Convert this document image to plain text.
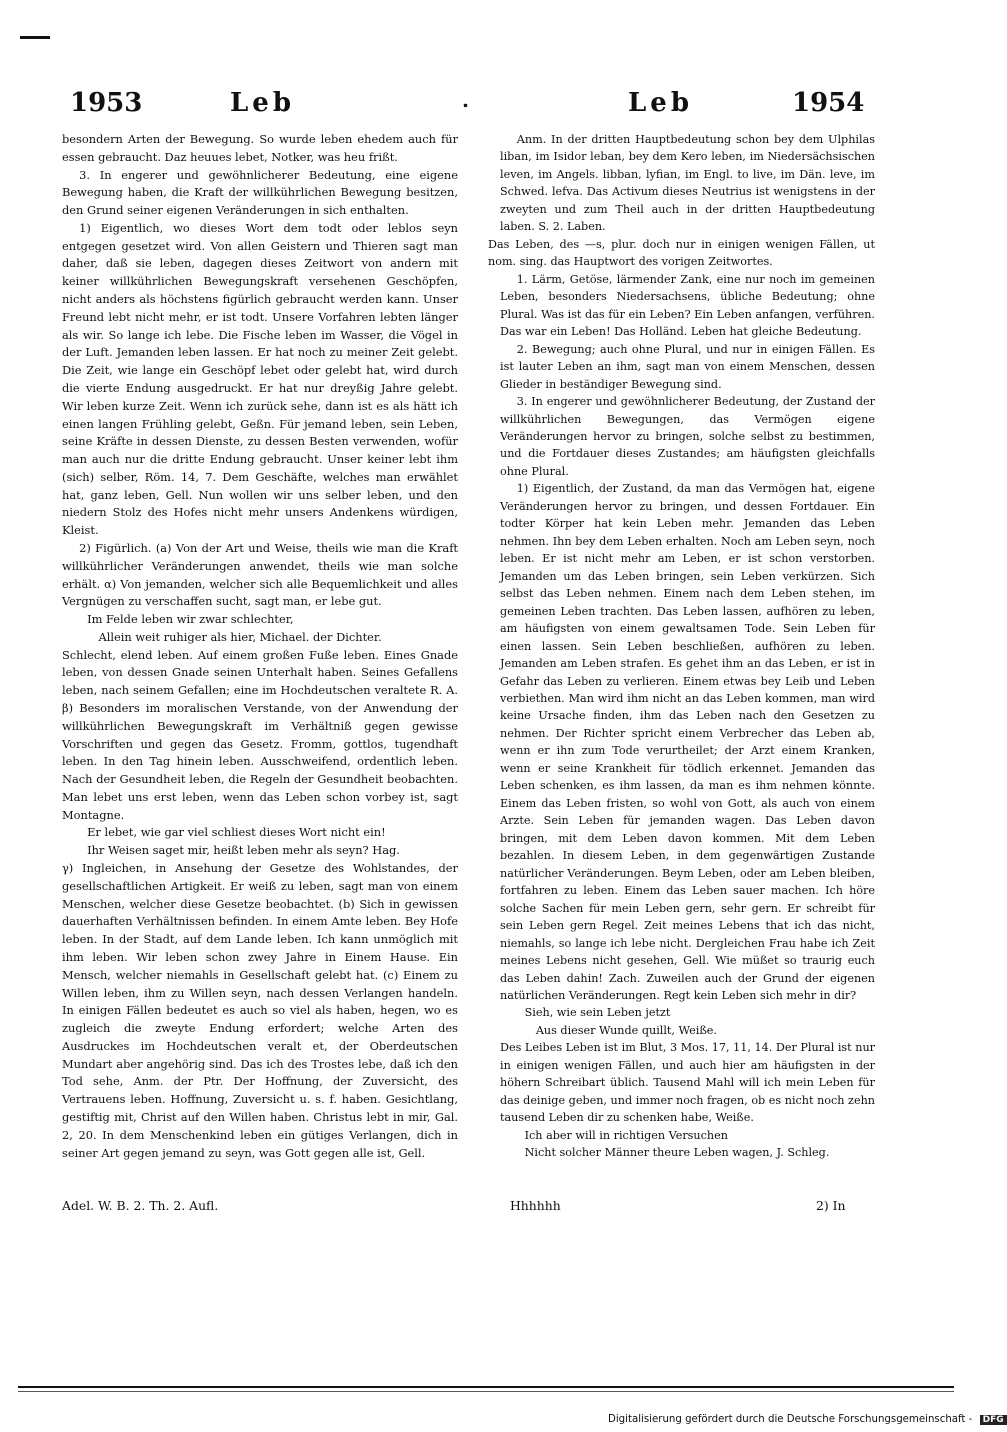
1953	Leb	.	Leb	1954

besondern Arten der Bewegung. So wurde leben ehedem auch für essen gebraucht. Daz heuues lebet, Notker, was heu frißt.

3. In engerer und gewöhnlicherer Bedeutung, eine eigene Bewegung haben, die Kraft der willkührlichen Bewegung besitzen, den Grund seiner eigenen Veränderungen in sich enthalten.

1) Eigentlich, wo dieses Wort dem todt oder leblos seyn entgegen gesetzet wird. Von allen Geistern und Thieren sagt man daher, daß sie leben, dagegen dieses Zeitwort von andern mit keiner willkührlichen Bewegungskraft versehenen Geschöpfen, nicht anders als höchstens figürlich gebraucht werden kann. Unser Freund lebt nicht mehr, er ist todt. Unsere Vorfahren lebten länger als wir. So lange ich lebe. Die Fische leben im Wasser, die Vögel in der Luft. Jemanden leben lassen. Er hat noch zu meiner Zeit gelebt. Die Zeit, wie lange ein Geschöpf lebet oder gelebt hat, wird durch die vierte Endung ausgedruckt. Er hat nur dreyßig Jahre gelebt. Wir leben kurze Zeit. Wenn ich zurück sehe, dann ist es als hätt ich einen langen Frühling gelebt, Geßn. Für jemand leben, sein Leben, seine Kräfte in dessen Dienste, zu dessen Besten verwenden, wofür man auch nur die dritte Endung gebraucht. Unser keiner lebt ihm (sich) selber, Röm. 14, 7. Dem Geschäfte, welches man erwählet hat, ganz leben, Gell. Nun wollen wir uns selber leben, und den niedern Stolz des Hofes nicht mehr unsers Andenkens würdigen, Kleist.

2) Figürlich. (a) Von der Art und Weise, theils wie man die Kraft willkührlicher Veränderungen anwendet, theils wie man solche erhält. α) Von jemanden, welcher sich alle Bequemlichkeit und alles Vergnügen zu verschaffen sucht, sagt man, er lebe gut.

Im Felde leben wir zwar schlechter,

Allein weit ruhiger als hier, Michael. der Dichter.

Schlecht, elend leben. Auf einem großen Fuße leben. Eines Gnade leben, von dessen Gnade seinen Unterhalt haben. Seines Gefallens leben, nach seinem Gefallen; eine im Hochdeutschen veraltete R. A. β) Besonders im moralischen Verstande, von der Anwendung der willkührlichen Bewegungskraft im Verhältniß gegen gewisse Vorschriften und gegen das Gesetz. Fromm, gottlos, tugendhaft leben. In den Tag hinein leben. Ausschweifend, ordentlich leben. Nach der Gesundheit leben, die Regeln der Gesundheit beobachten. Man lebet uns erst leben, wenn das Leben schon vorbey ist, sagt Montagne.

Er lebet, wie gar viel schliest dieses Wort nicht ein!

Ihr Weisen saget mir, heißt leben mehr als seyn? Hag.

γ) Ingleichen, in Ansehung der Gesetze des Wohlstandes, der gesellschaftlichen Artigkeit. Er weiß zu leben, sagt man von einem Menschen, welcher diese Gesetze beobachtet. (b) Sich in gewissen dauerhaften Verhältnissen befinden. In einem Amte leben. Bey Hofe leben. In der Stadt, auf dem Lande leben. Ich kann unmöglich mit ihm leben. Wir leben schon zwey Jahre in Einem Hause. Ein Mensch, welcher niemahls in Gesellschaft gelebt hat. (c) Einem zu Willen leben, ihm zu Willen seyn, nach dessen Verlangen handeln. In einigen Fällen bedeutet es auch so viel als haben, hegen, wo es zugleich die zweyte Endung erfordert; welche Arten des Ausdruckes im Hochdeutschen veralt et, der Oberdeutschen Mundart aber angehörig sind. Das ich des Trostes lebe, daß ich den Tod sehe, Anm. der Ptr. Der Hoffnung, der Zuversicht, des Vertrauens leben. Hoffnung, Zuversicht u. s. f. haben. Gesichtlang, gestiftig mit, Christ auf den Willen haben. Christus lebt in mir, Gal. 2, 20. In dem Menschenkind leben ein gütiges Verlangen, dich in seiner Art gegen jemand zu seyn, was Gott gegen alle ist, Gell.

Anm. In der dritten Hauptbedeutung schon bey dem Ulphilas liban, im Isidor leban, bey dem Kero leben, im Niedersächsischen leven, im Angels. libban, lyfian, im Engl. to live, im Dän. leve, im Schwed. lefva. Das Activum dieses Neutrius ist wenigstens in der zweyten und zum Theil auch in der dritten Hauptbedeutung laben. S. 2. Laben.

Das Leben, des —s, plur. doch nur in einigen wenigen Fällen, ut nom. sing. das Hauptwort des vorigen Zeitwortes.

1. Lärm, Getöse, lärmender Zank, eine nur noch im gemeinen Leben, besonders Niedersachsens, übliche Bedeutung; ohne Plural. Was ist das für ein Leben? Ein Leben anfangen, verführen. Das war ein Leben! Das Holländ. Leben hat gleiche Bedeutung.

2. Bewegung; auch ohne Plural, und nur in einigen Fällen. Es ist lauter Leben an ihm, sagt man von einem Menschen, dessen Glieder in beständiger Bewegung sind.

3. In engerer und gewöhnlicherer Bedeutung, der Zustand der willkührlichen Bewegungen, das Vermögen eigene Veränderungen hervor zu bringen, solche selbst zu bestimmen, und die Fortdauer dieses Zustandes; am häufigsten gleichfalls ohne Plural.

1) Eigentlich, der Zustand, da man das Vermögen hat, eigene Veränderungen hervor zu bringen, und dessen Fortdauer. Ein todter Körper hat kein Leben mehr. Jemanden das Leben nehmen. Ihn bey dem Leben erhalten. Noch am Leben seyn, noch leben. Er ist nicht mehr am Leben, er ist schon verstorben. Jemanden um das Leben bringen, sein Leben verkürzen. Sich selbst das Leben nehmen. Einem nach dem Leben stehen, im gemeinen Leben trachten. Das Leben lassen, aufhören zu leben, am häufigsten von einem gewaltsamen Tode. Sein Leben für einen lassen. Sein Leben beschließen, aufhören zu leben. Jemanden am Leben strafen. Es gehet ihm an das Leben, er ist in Gefahr das Leben zu verlieren. Einem etwas bey Leib und Leben verbiethen. Man wird ihm nicht an das Leben kommen, man wird keine Ursache finden, ihm das Leben nach den Gesetzen zu nehmen. Der Richter spricht einem Verbrecher das Leben ab, wenn er ihn zum Tode verurtheilet; der Arzt einem Kranken, wenn er seine Krankheit für tödlich erkennet. Jemanden das Leben schenken, es ihm lassen, da man es ihm nehmen könnte. Einem das Leben fristen, so wohl von Gott, als auch von einem Arzte. Sein Leben für jemanden wagen. Das Leben davon bringen, mit dem Leben davon kommen. Mit dem Leben bezahlen. In diesem Leben, in dem gegenwärtigen Zustande natürlicher Veränderungen. Beym Leben, oder am Leben bleiben, fortfahren zu leben. Einem das Leben sauer machen. Ich höre solche Sachen für mein Leben gern, sehr gern. Er schreibt für sein Leben gern Regel. Zeit meines Lebens that ich das nicht, niemahls, so lange ich lebe nicht. Dergleichen Frau habe ich Zeit meines Lebens nicht gesehen, Gell. Wie müßet so traurig euch das Leben dahin! Zach. Zuweilen auch der Grund der eigenen natürlichen Veränderungen. Regt kein Leben sich mehr in dir?

Sieh, wie sein Leben jetzt

Aus dieser Wunde quillt, Weiße.

Des Leibes Leben ist im Blut, 3 Mos. 17, 11, 14. Der Plural ist nur in einigen wenigen Fällen, und auch hier am häufigsten in der höhern Schreibart üblich. Tausend Mahl will ich mein Leben für das deinige geben, und immer noch fragen, ob es nicht noch zehn tausend Leben dir zu schenken habe, Weiße.

Ich aber will in richtigen Versuchen

Nicht solcher Männer theure Leben wagen, J. Schleg.

Adel. W. B. 2. Th. 2. Aufl.	Hhhhhh	2) In
Digitalisierung gefördert durch die Deutsche Forschungsgemeinschaft - DFG
